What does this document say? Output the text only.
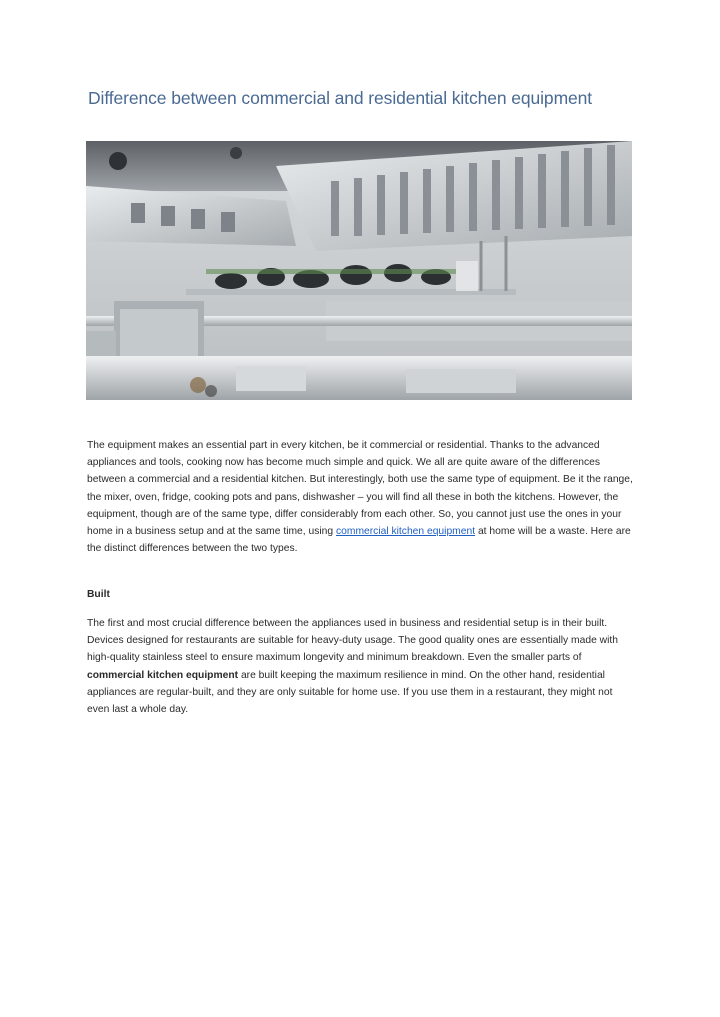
Difference between commercial and residential kitchen equipment
The equipment makes an essential part in every kitchen, be it commercial or residential. Thanks to the advanced appliances and tools, cooking now has become much simple and quick. We all are quite aware of the differences between a commercial and a residential kitchen. But interestingly, both use the same type of equipment. Be it the range, the mixer, oven, fridge, cooking pots and pans, dishwasher – you will find all these in both the kitchens. However, the equipment, though are of the same type, differ considerably from each other. So, you cannot just use the ones in your home in a business setup and at the same time, using commercial kitchen equipment at home will be a waste. Here are the distinct differences between the two types.
Built
The first and most crucial difference between the appliances used in business and residential setup is in their built. Devices designed for restaurants are suitable for heavy-duty usage. The good quality ones are essentially made with high-quality stainless steel to ensure maximum longevity and minimum breakdown. Even the smaller parts of commercial kitchen equipment are built keeping the maximum resilience in mind. On the other hand, residential appliances are regular-built, and they are only suitable for home use. If you use them in a restaurant, they might not even last a whole day.
